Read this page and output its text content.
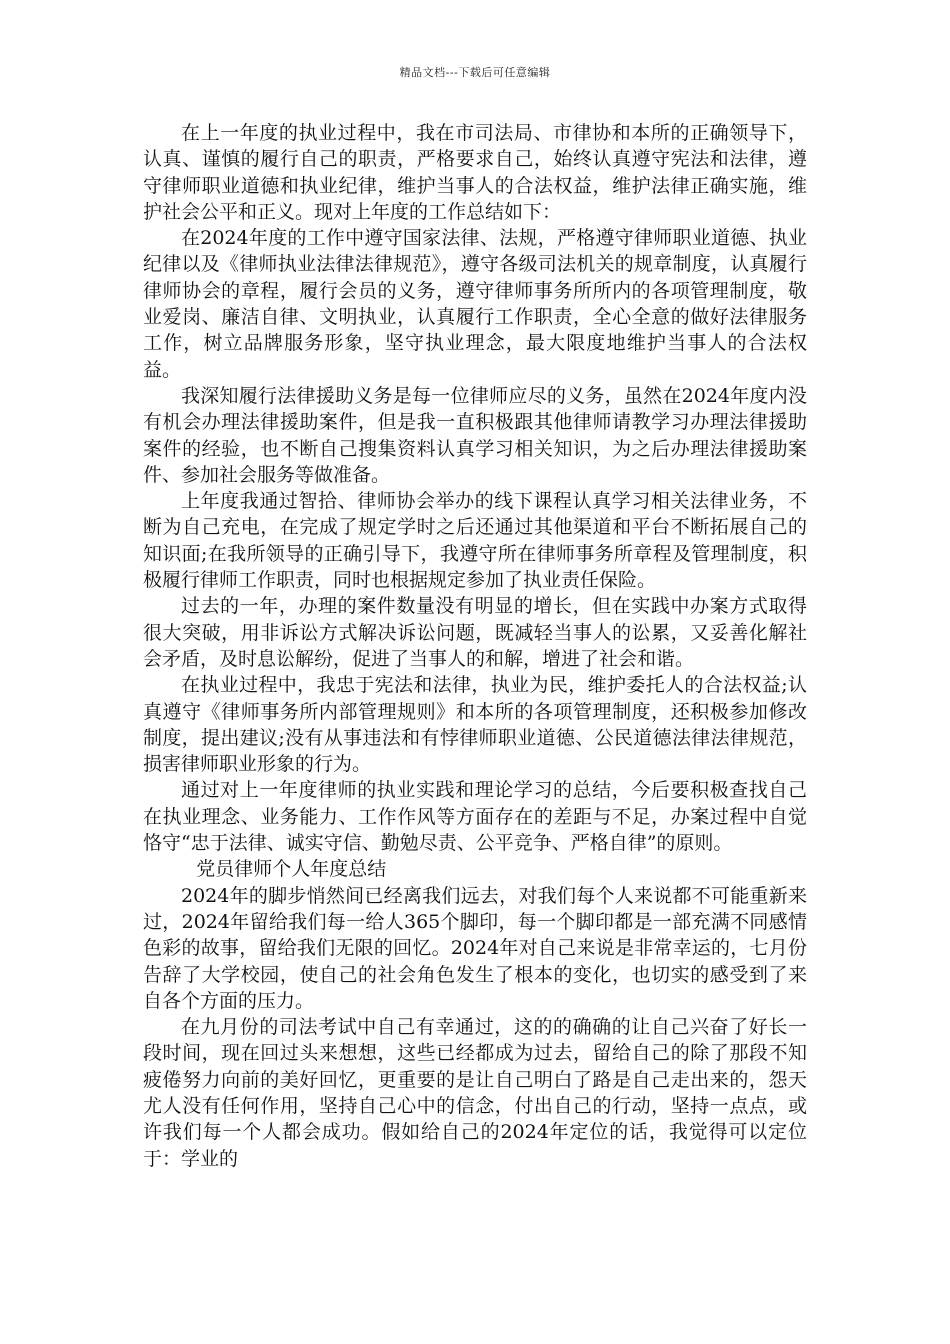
精品文档---下载后可任意编辑

在上一年度的执业过程中，我在市司法局、市律协和本所的正确领导下，认真、谨慎的履行自己的职责，严格要求自己，始终认真遵守宪法和法律，遵守律师职业道德和执业纪律，维护当事人的合法权益，维护法律正确实施，维护社会公平和正义。现对上年度的工作总结如下：

在2024年度的工作中遵守国家法律、法规，严格遵守律师职业道德、执业纪律以及《律师执业法律法律规范》，遵守各级司法机关的规章制度，认真履行律师协会的章程，履行会员的义务，遵守律师事务所所内的各项管理制度，敬业爱岗、廉洁自律、文明执业，认真履行工作职责，全心全意的做好法律服务工作，树立品牌服务形象，坚守执业理念，最大限度地维护当事人的合法权益。

我深知履行法律援助义务是每一位律师应尽的义务，虽然在2024年度内没有机会办理法律援助案件，但是我一直积极跟其他律师请教学习办理法律援助案件的经验，也不断自己搜集资料认真学习相关知识，为之后办理法律援助案件、参加社会服务等做准备。

上年度我通过智拾、律师协会举办的线下课程认真学习相关法律业务，不断为自己充电，在完成了规定学时之后还通过其他渠道和平台不断拓展自己的知识面;在我所领导的正确引导下，我遵守所在律师事务所章程及管理制度，积极履行律师工作职责，同时也根据规定参加了执业责任保险。

过去的一年，办理的案件数量没有明显的增长，但在实践中办案方式取得很大突破，用非诉讼方式解决诉讼问题，既减轻当事人的讼累，又妥善化解社会矛盾，及时息讼解纷，促进了当事人的和解，增进了社会和谐。

在执业过程中，我忠于宪法和法律，执业为民，维护委托人的合法权益;认真遵守《律师事务所内部管理规则》和本所的各项管理制度，还积极参加修改制度，提出建议;没有从事违法和有悖律师职业道德、公民道德法律法律规范，损害律师职业形象的行为。

通过对上一年度律师的执业实践和理论学习的总结，今后要积极查找自己在执业理念、业务能力、工作作风等方面存在的差距与不足，办案过程中自觉恪守“忠于法律、诚实守信、勤勉尽责、公平竞争、严格自律”的原则。

党员律师个人年度总结

2024年的脚步悄然间已经离我们远去，对我们每个人来说都不可能重新来过，2024年留给我们每一给人365个脚印，每一个脚印都是一部充满不同感情色彩的故事，留给我们无限的回忆。2024年对自己来说是非常幸运的，七月份告辞了大学校园，使自己的社会角色发生了根本的变化，也切实的感受到了来自各个方面的压力。

在九月份的司法考试中自己有幸通过，这的的确确的让自己兴奋了好长一段时间，现在回过头来想想，这些已经都成为过去，留给自己的除了那段不知疲倦努力向前的美好回忆，更重要的是让自己明白了路是自己走出来的，怨天尤人没有任何作用，坚持自己心中的信念，付出自己的行动，坚持一点点，或许我们每一个人都会成功。假如给自己的2024年定位的话，我觉得可以定位于：学业的
